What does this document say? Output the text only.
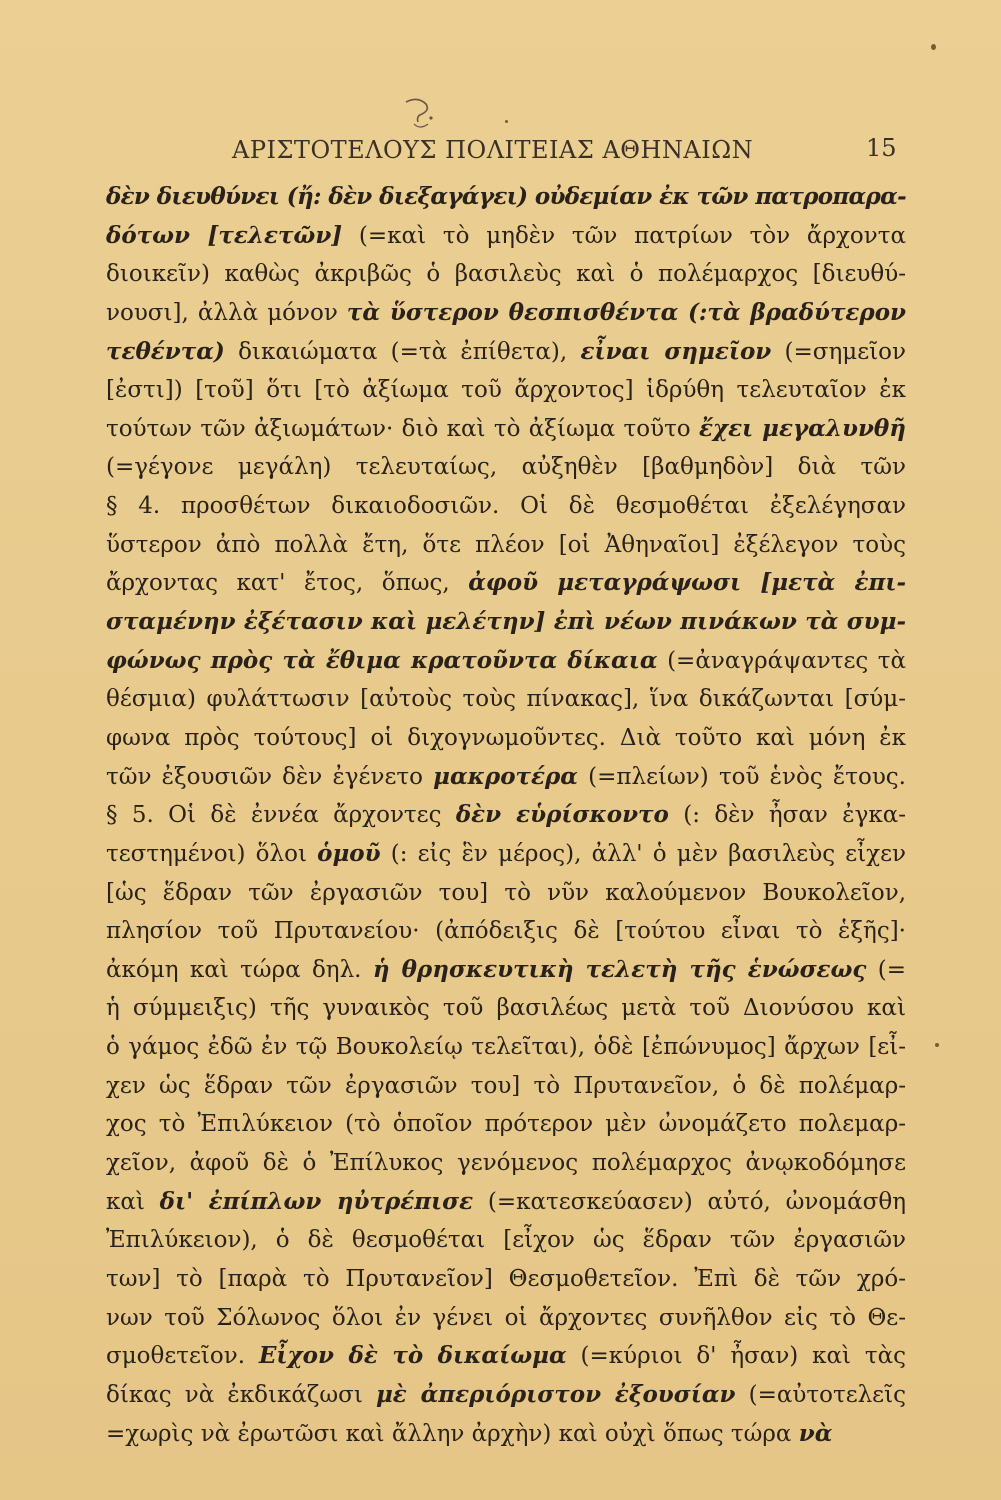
ΑΡΙΣΤΟΤΕΛΟΥΣ ΠΟΛΙΤΕΙΑΣ ΑΘΗΝΑΙΩΝ	15
δὲν διευθύνει (ἤ: δὲν διεξαγάγει) οὐδεμίαν ἐκ τῶν πατροπαρα-
δότων [τελετῶν] (=καὶ τὸ μηδὲν τῶν πατρίων τὸν ἄρχοντα
διοικεῖν) καθὼς ἀκριβῶς ὁ βασιλεὺς καὶ ὁ πολέμαρχος [διευθύ-
νουσι], ἀλλὰ μόνον τὰ ὕστερον θεσπισθέντα (:τὰ βραδύτερον
τεθέντα) δικαιώματα (=τὰ ἐπίθετα), εἶναι σημεῖον (=σημεῖον
[ἐστι]) [τοῦ] ὅτι [τὸ ἀξίωμα τοῦ ἄρχοντος] ἱδρύθη τελευταῖον ἐκ
τούτων τῶν ἀξιωμάτων· διὸ καὶ τὸ ἀξίωμα τοῦτο ἔχει μεγαλυνθῆ
(=γέγονε μεγάλη) τελευταίως, αὐξηθὲν [βαθμηδὸν] διὰ τῶν
§ 4. προσθέτων δικαιοδοσιῶν. Οἱ δὲ θεσμοθέται ἐξελέγησαν
ὕστερον ἀπὸ πολλὰ ἔτη, ὅτε πλέον [οἱ Ἀθηναῖοι] ἐξέλεγον τοὺς
ἄρχοντας κατ' ἔτος, ὅπως, ἀφοῦ μεταγράψωσι [μετὰ ἐπι-
σταμένην ἐξέτασιν καὶ μελέτην] ἐπὶ νέων πινάκων τὰ συμ-
φώνως πρὸς τὰ ἔθιμα κρατοῦντα δίκαια (=ἀναγράψαντες τὰ
θέσμια) φυλάττωσιν [αὐτοὺς τοὺς πίνακας], ἵνα δικάζωνται [σύμ-
φωνα πρὸς τούτους] οἱ διχογνωμοῦντες. Διὰ τοῦτο καὶ μόνη ἐκ
τῶν ἐξουσιῶν δὲν ἐγένετο μακροτέρα (=πλείων) τοῦ ἑνὸς ἔτους.
§ 5. Οἱ δὲ ἐννέα ἄρχοντες δὲν εὑρίσκοντο (: δὲν ἦσαν ἐγκα-
τεστημένοι) ὅλοι ὁμοῦ (: εἰς ἓν μέρος), ἀλλ' ὁ μὲν βασιλεὺς εἶχεν
[ὡς ἕδραν τῶν ἐργασιῶν του] τὸ νῦν καλούμενον Βουκολεῖον,
πλησίον τοῦ Πρυτανείου· (ἀπόδειξις δὲ [τούτου εἶναι τὸ ἑξῆς]·
ἀκόμη καὶ τώρα δηλ. ἡ θρησκευτικὴ τελετὴ τῆς ἑνώσεως (=
ἡ σύμμειξις) τῆς γυναικὸς τοῦ βασιλέως μετὰ τοῦ Διονύσου καὶ
ὁ γάμος ἐδῶ ἐν τῷ Βουκολείῳ τελεῖται), ὁδὲ [ἐπώνυμος] ἄρχων [εἶ-
χεν ὡς ἕδραν τῶν ἐργασιῶν του] τὸ Πρυτανεῖον, ὁ δὲ πολέμαρ-
χος τὸ Ἐπιλύκειον (τὸ ὁποῖον πρότερον μὲν ὠνομάζετο πολεμαρ-
χεῖον, ἀφοῦ δὲ ὁ Ἐπίλυκος γενόμενος πολέμαρχος ἀνῳκοδόμησε
καὶ δι' ἐπίπλων ηὐτρέπισε (=κατεσκεύασεν) αὐτό, ὠνομάσθη
Ἐπιλύκειον), ὁ δὲ θεσμοθέται [εἶχον ὡς ἕδραν τῶν ἐργασιῶν
των] τὸ [παρὰ τὸ Πρυτανεῖον] Θεσμοθετεῖον. Ἐπὶ δὲ τῶν χρό-
νων τοῦ Σόλωνος ὅλοι ἐν γένει οἱ ἄρχοντες συνῆλθον εἰς τὸ Θε-
σμοθετεῖον. Εἶχον δὲ τὸ δικαίωμα (=κύριοι δ' ἦσαν) καὶ τὰς
δίκας νὰ ἐκδικάζωσι μὲ ἀπεριόριστον ἐξουσίαν (=αὐτοτελεῖς
=χωρὶς νὰ ἐρωτῶσι καὶ ἄλλην ἀρχὴν) καὶ οὐχὶ ὅπως τώρα νὰ
